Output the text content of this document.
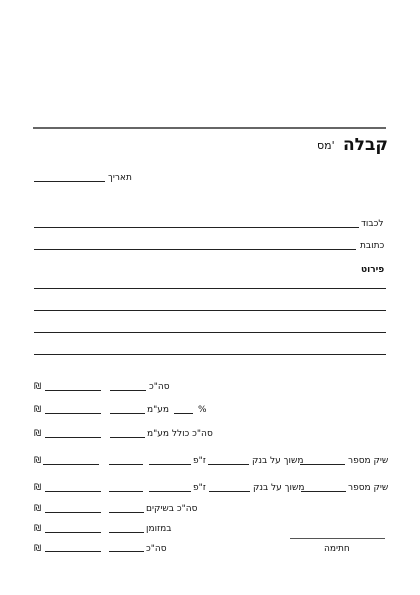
קבלה
מס'
תאריך
לכבוד
כתובת
פירוט
₪	סה"כ
₪	מע"מ	%
₪	סה"כ כולל מע"מ
₪	ז"פ	משוך על בנק	שיק מספר
₪	ז"פ	משוך על בנק	שיק מספר
₪	סה"כ בשיקים
₪	במזומן
₪	סה"כ	חתימה
